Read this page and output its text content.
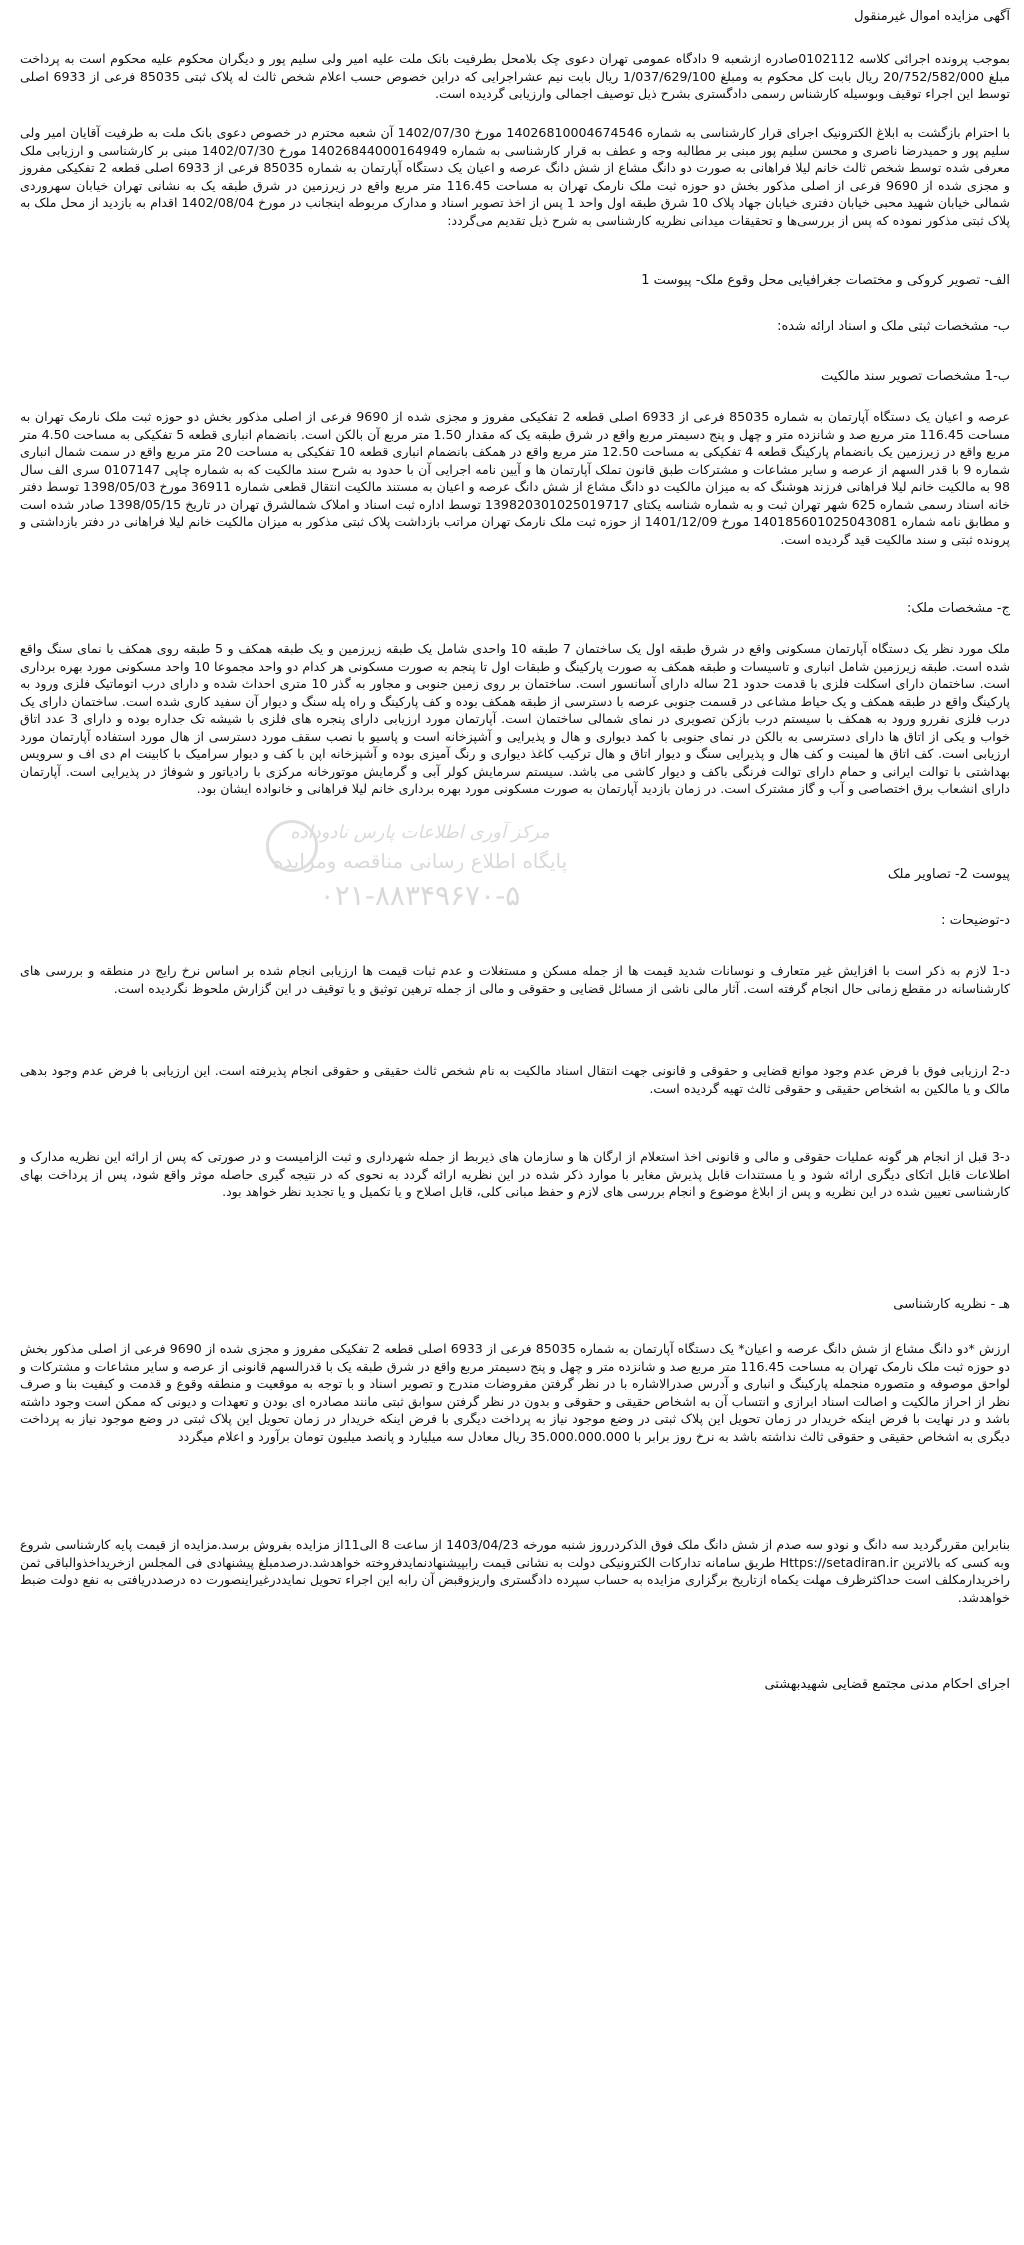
آگهی مزایده اموال غیرمنقول

بموجب پرونده اجرائی کلاسه 0102112صادره ازشعبه 9 دادگاه عمومی تهران دعوی چک بلامحل بطرفیت بانک ملت علیه امیر ولی سلیم پور و دیگران محکوم علیه محکوم است به پرداخت مبلغ 20/752/582/000 ریال بابت کل محکوم به ومبلغ 1/037/629/100 ریال بابت نیم عشراجرایی که دراین خصوص حسب اعلام شخص ثالث له پلاک ثبتی 85035 فرعی از 6933 اصلی توسط این اجراء توقیف وبوسیله کارشناس رسمی دادگستری بشرح ذیل توصیف اجمالی وارزیابی گردیده است.

با احترام بازگشت به ابلاغ الکترونیک اجرای قرار کارشناسی به شماره 14026810004674546 مورخ 1402/07/30 آن شعبه محترم در خصوص دعوی بانک ملت به طرفیت آقایان امیر ولی سلیم پور و حمیدرضا ناصری و محسن سلیم پور مبنی بر مطالبه وجه و عطف به قرار کارشناسی به شماره 14026844000164949 مورخ 1402/07/30 مبنی بر کارشناسی و ارزیابی ملک معرفی شده توسط شخص ثالث خانم لیلا فراهانی به صورت دو دانگ مشاع از شش دانگ عرصه و اعیان یک دستگاه آپارتمان به شماره 85035 فرعی از 6933 اصلی قطعه 2 تفکیکی مفروز و مجزی شده از 9690 فرعی از اصلی مذکور بخش دو حوزه ثبت ملک نارمک تهران به مساحت 116.45 متر مربع واقع در زیرزمین در شرق طبقه یک به نشانی تهران خیابان سهروردی شمالی خیابان شهید محبی خیابان دفتری خیابان جهاد پلاک 10 شرق طبقه اول واحد 1 پس از اخذ تصویر اسناد و مدارک مربوطه اینجانب در مورخ 1402/08/04 اقدام به بازدید از محل ملک به پلاک ثبتی مذکور نموده که پس از بررسی‌ها و تحقیقات میدانی نظریه کارشناسی به شرح ذیل تقدیم می‌گردد:

الف- تصویر کروکی و مختصات جغرافیایی محل وقوع ملک- پیوست 1

ب- مشخصات ثبتی ملک و اسناد ارائه شده:

ب-1 مشخصات تصویر سند مالکیت

عرصه و اعیان یک دستگاه آپارتمان به شماره 85035 فرعی از 6933 اصلی قطعه 2 تفکیکی مفروز و مجزی شده از 9690 فرعی از اصلی مذکور بخش دو حوزه ثبت ملک نارمک تهران به مساحت 116.45 متر مربع صد و شانزده متر و چهل و پنج دسیمتر مربع واقع در شرق طبقه یک که مقدار 1.50 متر مربع آن بالکن است. بانضمام انباری قطعه 5 تفکیکی به مساحت 4.50 متر مربع واقع در زیرزمین یک بانضمام پارکینگ قطعه 4 تفکیکی به مساحت 12.50 متر مربع واقع در همکف بانضمام انباری قطعه 10 تفکیکی به مساحت 20 متر مربع واقع در سمت شمال انباری شماره 9 با قدر السهم از عرصه و سایر مشاعات و مشترکات طبق قانون تملک آپارتمان ها و آیین نامه اجرایی آن با حدود به شرح سند مالکیت که به شماره چاپی 0107147 سری الف سال 98 به مالکیت خانم لیلا فراهانی فرزند هوشنگ که به میزان مالکیت دو دانگ مشاع از شش دانگ عرصه و اعیان به مستند مالکیت انتقال قطعی شماره 36911 مورخ 1398/05/03 توسط دفتر خانه اسناد رسمی شماره 625 شهر تهران ثبت و به شماره شناسه یکتای 139820301025019717 توسط اداره ثبت اسناد و املاک شمالشرق تهران در تاریخ 1398/05/15 صادر شده است و مطابق نامه شماره 140185601025043081 مورخ 1401/12/09 از حوزه ثبت ملک نارمک تهران مراتب بازداشت پلاک ثبتی مذکور به میزان مالکیت خانم لیلا فراهانی در دفتر بازداشتی و پرونده ثبتی و سند مالکیت قید گردیده است.

ج- مشخصات ملک:

ملک مورد نظر یک دستگاه آپارتمان مسکونی واقع در شرق طبقه اول یک ساختمان 7 طبقه 10 واحدی شامل یک طبقه زیرزمین و یک طبقه همکف و 5 طبقه روی همکف با نمای سنگ واقع شده است. طبقه زیرزمین شامل انباری و تاسیسات و طبقه همکف به صورت پارکینگ و طبقات اول تا پنجم به صورت مسکونی هر کدام دو واحد مجموعا 10 واحد مسکونی مورد بهره برداری است. ساختمان دارای اسکلت فلزی با قدمت حدود 21 ساله دارای آسانسور است. ساختمان بر روی زمین جنوبی و مجاور به گذر 10 متری احداث شده و دارای درب اتوماتیک فلزی ورود به پارکینگ واقع در طبقه همکف و یک حیاط مشاعی در قسمت جنوبی عرصه با دسترسی از طبقه همکف بوده و کف پارکینگ و راه پله سنگ و دیوار آن سفید کاری شده است. ساختمان دارای یک درب فلزی نفررو ورود به همکف با سیستم درب بازکن تصویری در نمای شمالی ساختمان است. آپارتمان مورد ارزیابی دارای پنجره های فلزی با شیشه تک جداره بوده و دارای 3 عدد اتاق خواب و یکی از اتاق ها دارای دسترسی به بالکن در نمای جنوبی با کمد دیواری و هال و پذیرایی و آشپزخانه است و پاسیو با نصب سقف مورد دسترسی از هال مورد استفاده آپارتمان مورد ارزیابی است. کف اتاق ها لمینت و کف هال و پذیرایی سنگ و دیوار اتاق و هال ترکیب کاغذ دیواری و رنگ آمیزی بوده و آشپزخانه اپن با کف و دیوار سرامیک با کابینت ام دی اف و سرویس بهداشتی با توالت ایرانی و حمام دارای توالت فرنگی باکف و دیوار کاشی می باشد. سیستم سرمایش کولر آبی و گرمایش موتورخانه مرکزی با رادیاتور و شوفاژ در پذیرایی است. آپارتمان دارای انشعاب برق اختصاصی و آب و گاز مشترک است. در زمان بازدید آپارتمان به صورت مسکونی مورد بهره برداری خانم لیلا فراهانی و خانواده ایشان بود.

پیوست 2- تصاویر ملک

د-توضیحات :

د-1 لازم به ذکر است با افزایش غیر متعارف و نوسانات شدید قیمت ها از جمله مسکن و مستغلات و عدم ثبات قیمت ها ارزیابی انجام شده بر اساس نرخ رایج در منطقه و بررسی های کارشناسانه در مقطع زمانی حال انجام گرفته است. آثار مالی ناشی از مسائل قضایی و حقوقی و مالی از جمله ترهین توثیق و یا توقیف در این گزارش ملحوظ نگردیده است.

د-2 ارزیابی فوق با فرض عدم وجود موانع قضایی و حقوقی و قانونی جهت انتقال اسناد مالکیت به نام شخص ثالث حقیقی و حقوقی انجام پذیرفته است. این ارزیابی با فرض عدم وجود بدهی مالک و یا مالکین به اشخاص حقیقی و حقوقی ثالث تهیه گردیده است.

د-3 قبل از انجام هر گونه عملیات حقوقی و مالی و قانونی اخذ استعلام از ارگان ها و سازمان های ذیربط از جمله شهرداری و ثبت الزامیست و در صورتی که پس از ارائه این نظریه مدارک و اطلاعات قابل اتکای دیگری ارائه شود و یا مستندات قابل پذیرش مغایر با موارد ذکر شده در این نظریه ارائه گردد به نحوی که در نتیجه گیری حاصله موثر واقع شود، پس از پرداخت بهای کارشناسی تعیین شده در این نظریه و پس از ابلاغ موضوع و انجام بررسی های لازم و حفظ مبانی کلی، قابل اصلاح و یا تکمیل و یا تجدید نظر خواهد بود.

هـ - نظریه کارشناسی

ارزش *دو دانگ مشاع از شش دانگ عرصه و اعیان* یک دستگاه آپارتمان به شماره 85035 فرعی از 6933 اصلی قطعه 2 تفکیکی مفروز و مجزی شده از 9690 فرعی از اصلی مذکور بخش دو حوزه ثبت ملک نارمک تهران به مساحت 116.45 متر مربع صد و شانزده متر و چهل و پنج دسیمتر مربع واقع در شرق طبقه یک با قدرالسهم قانونی از عرصه و سایر مشاعات و مشترکات و لواحق موصوفه و متصوره منجمله پارکینگ و انباری و آدرس صدرالاشاره با در نظر گرفتن مفروضات مندرج و تصویر اسناد و با توجه به موقعیت و منطقه وقوع و قدمت و کیفیت بنا و صرف نظر از احراز مالکیت و اصالت اسناد ابرازی و انتساب آن به اشخاص حقیقی و حقوقی و بدون در نظر گرفتن سوابق ثبتی مانند مصادره ای بودن و تعهدات و دیونی که ممکن است وجود داشته باشد و در نهایت با فرض اینکه خریدار در زمان تحویل این پلاک ثبتی در وضع موجود نیاز به پرداخت دیگری با فرض اینکه خریدار در زمان تحویل این پلاک ثبتی در وضع موجود نیاز به پرداخت دیگری به اشخاص حقیقی و حقوقی ثالث نداشته باشد به نرخ روز برابر با 35.000.000.000 ریال معادل سه میلیارد و پانصد میلیون تومان برآورد و اعلام میگردد

بنابراین مقررگردید سه دانگ و نودو سه صدم از شش دانگ ملک فوق الذکردرروز شنبه مورخه 1403/04/23 از ساعت 8 الی11از مزایده بفروش برسد.مزایده از قیمت پایه کارشناسی شروع وبه کسی که بالاترین Https://setadiran.ir طریق سامانه تدارکات الکترونیکی دولت به نشانی قیمت رابپیشنهادنمایدفروخته خواهدشد.درصدمبلغ پیشنهادی فی المجلس ازخریداخذوالباقی ثمن راخریدارمکلف است حداکثرظرف مهلت یکماه ازتاریخ برگزاری مزایده به حساب سپرده دادگستری واریزوقبض آن رابه این اجراء تحویل نمایددرغیراینصورت ده درصددریافتی به نفع دولت ضبط خواهدشد.

اجرای احکام مدنی مجتمع قضایی شهیدبهشتی

مرکز آوری اطلاعات پارس نادوداده
پایگاه اطلاع رسانی مناقصه ومزایده
۰۲۱-۸۸۳۴۹۶۷۰-۵
